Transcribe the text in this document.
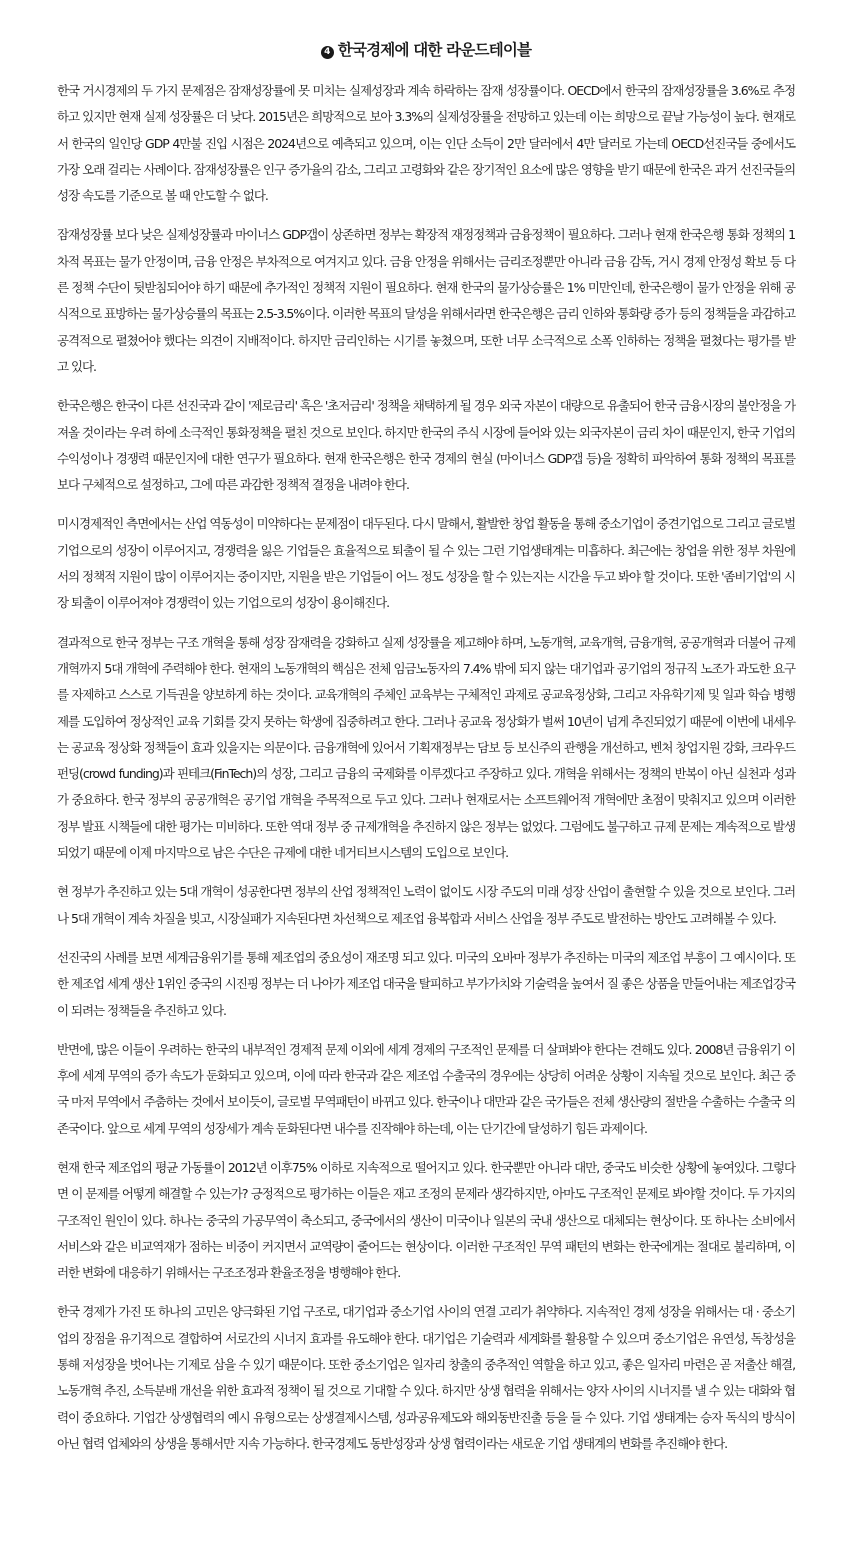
4 한국경제에 대한 라운드테이블

한국 거시경제의 두 가지 문제점은 잠재성장률에 못 미치는 실제성장과 계속 하락하는 잠재 성장률이다. OECD에서 한국의 잠재성장률을 3.6%로 추정하고 있지만 현재 실제 성장률은 더 낮다. 2015년은 희망적으로 보아 3.3%의 실제성장률을 전망하고 있는데 이는 희망으로 끝날 가능성이 높다. 현재로서 한국의 일인당 GDP 4만불 진입 시점은 2024년으로 예측되고 있으며, 이는 인단 소득이 2만 달러에서 4만 달러로 가는데 OECD선진국들 중에서도 가장 오래 걸리는 사례이다. 잠재성장률은 인구 증가율의 감소, 그리고 고령화와 같은 장기적인 요소에 많은 영향을 받기 때문에 한국은 과거 선진국들의 성장 속도를 기준으로 볼 때 안도할 수 없다.

잠재성장률 보다 낮은 실제성장률과 마이너스 GDP갭이 상존하면 정부는 확장적 재정정책과 금융정책이 필요하다. 그러나 현재 한국은행 통화 정책의 1차적 목표는 물가 안정이며, 금융 안정은 부차적으로 여겨지고 있다. 금융 안정을 위해서는 금리조정뿐만 아니라 금융 감독, 거시 경제 안정성 확보 등 다른 정책 수단이 뒷받침되어야 하기 때문에 추가적인 정책적 지원이 필요하다. 현재 한국의 물가상승률은 1% 미만인데, 한국은행이 물가 안정을 위해 공식적으로 표방하는 물가상승률의 목표는 2.5-3.5%이다. 이러한 목표의 달성을 위해서라면 한국은행은 금리 인하와 통화량 증가 등의 정책들을 과감하고 공격적으로 펼쳤어야 했다는 의견이 지배적이다. 하지만 금리인하는 시기를 놓쳤으며, 또한 너무 소극적으로 소폭 인하하는 정책을 펼쳤다는 평가를 받고 있다.

한국은행은 한국이 다른 선진국과 같이 '제로금리' 혹은 '초저금리' 정책을 채택하게 될 경우 외국 자본이 대량으로 유출되어 한국 금융시장의 불안정을 가져올 것이라는 우려 하에 소극적인 통화정책을 펼친 것으로 보인다. 하지만 한국의 주식 시장에 들어와 있는 외국자본이 금리 차이 때문인지, 한국 기업의 수익성이나 경쟁력 때문인지에 대한 연구가 필요하다. 현재 한국은행은 한국 경제의 현실 (마이너스 GDP갭 등)을 정확히 파악하여 통화 정책의 목표를 보다 구체적으로 설정하고, 그에 따른 과감한 정책적 결정을 내려야 한다.

미시경제적인 측면에서는 산업 역동성이 미약하다는 문제점이 대두된다. 다시 말해서, 활발한 창업 활동을 통해 중소기업이 중견기업으로 그리고 글로벌 기업으로의 성장이 이루어지고, 경쟁력을 잃은 기업들은 효율적으로 퇴출이 될 수 있는 그런 기업생태계는 미흡하다. 최근에는 창업을 위한 정부 차원에서의 정책적 지원이 많이 이루어지는 중이지만, 지원을 받은 기업들이 어느 정도 성장을 할 수 있는지는 시간을 두고 봐야 할 것이다. 또한 '좀비기업'의 시장 퇴출이 이루어져야 경쟁력이 있는 기업으로의 성장이 용이해진다.

결과적으로 한국 정부는 구조 개혁을 통해 성장 잠재력을 강화하고 실제 성장률을 제고해야 하며, 노동개혁, 교육개혁, 금융개혁, 공공개혁과 더불어 규제개혁까지 5대 개혁에 주력해야 한다. 현재의 노동개혁의 핵심은 전체 임금노동자의 7.4% 밖에 되지 않는 대기업과 공기업의 정규직 노조가 과도한 요구를 자제하고 스스로 기득권을 양보하게 하는 것이다. 교육개혁의 주체인 교육부는 구체적인 과제로 공교육정상화, 그리고 자유학기제 및 일과 학습 병행제를 도입하여 정상적인 교육 기회를 갖지 못하는 학생에 집중하려고 한다. 그러나 공교육 정상화가 벌써 10년이 넘게 추진되었기 때문에 이번에 내세우는 공교육 정상화 정책들이 효과 있을지는 의문이다. 금융개혁에 있어서 기획재정부는 담보 등 보신주의 관행을 개선하고, 벤처 창업지원 강화, 크라우드 펀딩(crowd funding)과 핀테크(FinTech)의 성장, 그리고 금융의 국제화를 이루겠다고 주장하고 있다. 개혁을 위해서는 정책의 반복이 아닌 실천과 성과가 중요하다. 한국 정부의 공공개혁은 공기업 개혁을 주목적으로 두고 있다. 그러나 현재로서는 소프트웨어적 개혁에만 초점이 맞춰지고 있으며 이러한 정부 발표 시책들에 대한 평가는 미비하다. 또한 역대 정부 중 규제개혁을 추진하지 않은 정부는 없었다. 그럼에도 불구하고 규제 문제는 계속적으로 발생되었기 때문에 이제 마지막으로 남은 수단은 규제에 대한 네거티브시스템의 도입으로 보인다.

현 정부가 추진하고 있는 5대 개혁이 성공한다면 정부의 산업 정책적인 노력이 없이도 시장 주도의 미래 성장 산업이 출현할 수 있을 것으로 보인다. 그러나 5대 개혁이 계속 차질을 빚고, 시장실패가 지속된다면 차선책으로 제조업 융복합과 서비스 산업을 정부 주도로 발전하는 방안도 고려해볼 수 있다.

선진국의 사례를 보면 세계금융위기를 통해 제조업의 중요성이 재조명 되고 있다. 미국의 오바마 정부가 추진하는 미국의 제조업 부흥이 그 예시이다. 또한 제조업 세계 생산 1위인 중국의 시진핑 정부는 더 나아가 제조업 대국을 탈피하고 부가가치와 기술력을 높여서 질 좋은 상품을 만들어내는 제조업강국이 되려는 정책들을 추진하고 있다.

반면에, 많은 이들이 우려하는 한국의 내부적인 경제적 문제 이외에 세계 경제의 구조적인 문제를 더 살펴봐야 한다는 견해도 있다. 2008년 금융위기 이후에 세계 무역의 증가 속도가 둔화되고 있으며, 이에 따라 한국과 같은 제조업 수출국의 경우에는 상당히 어려운 상황이 지속될 것으로 보인다. 최근 중국 마저 무역에서 주춤하는 것에서 보이듯이, 글로벌 무역패턴이 바뀌고 있다. 한국이나 대만과 같은 국가들은 전체 생산량의 절반을 수출하는 수출국 의존국이다. 앞으로 세계 무역의 성장세가 계속 둔화된다면 내수를 진작해야 하는데, 이는 단기간에 달성하기 힘든 과제이다.

현재 한국 제조업의 평균 가동률이 2012년 이후75% 이하로 지속적으로 떨어지고 있다. 한국뿐만 아니라 대만, 중국도 비슷한 상황에 놓여있다. 그렇다면 이 문제를 어떻게 해결할 수 있는가? 긍정적으로 평가하는 이들은 재고 조정의 문제라 생각하지만, 아마도 구조적인 문제로 봐야할 것이다. 두 가지의 구조적인 원인이 있다. 하나는 중국의 가공무역이 축소되고, 중국에서의 생산이 미국이나 일본의 국내 생산으로 대체되는 현상이다. 또 하나는 소비에서 서비스와 같은 비교역재가 점하는 비중이 커지면서 교역량이 줄어드는 현상이다. 이러한 구조적인 무역 패턴의 변화는 한국에게는 절대로 불리하며, 이러한 변화에 대응하기 위해서는 구조조정과 환율조정을 병행해야 한다.

한국 경제가 가진 또 하나의 고민은 양극화된 기업 구조로, 대기업과 중소기업 사이의 연결 고리가 취약하다. 지속적인 경제 성장을 위해서는 대 · 중소기업의 장점을 유기적으로 결합하여 서로간의 시너지 효과를 유도해야 한다. 대기업은 기술력과 세계화를 활용할 수 있으며 중소기업은 유연성, 독창성을 통해 저성장을 벗어나는 기제로 삼을 수 있기 때문이다. 또한 중소기업은 일자리 창출의 중추적인 역할을 하고 있고, 좋은 일자리 마련은 곧 저출산 해결, 노동개혁 추진, 소득분배 개선을 위한 효과적 정책이 될 것으로 기대할 수 있다. 하지만 상생 협력을 위해서는 양자 사이의 시너지를 낼 수 있는 대화와 협력이 중요하다. 기업간 상생협력의 예시 유형으로는 상생결제시스템, 성과공유제도와 해외동반진출 등을 들 수 있다. 기업 생태계는 승자 독식의 방식이 아닌 협력 업체와의 상생을 통해서만 지속 가능하다. 한국경제도 동반성장과 상생 협력이라는 새로운 기업 생태계의 변화를 추진해야 한다.
